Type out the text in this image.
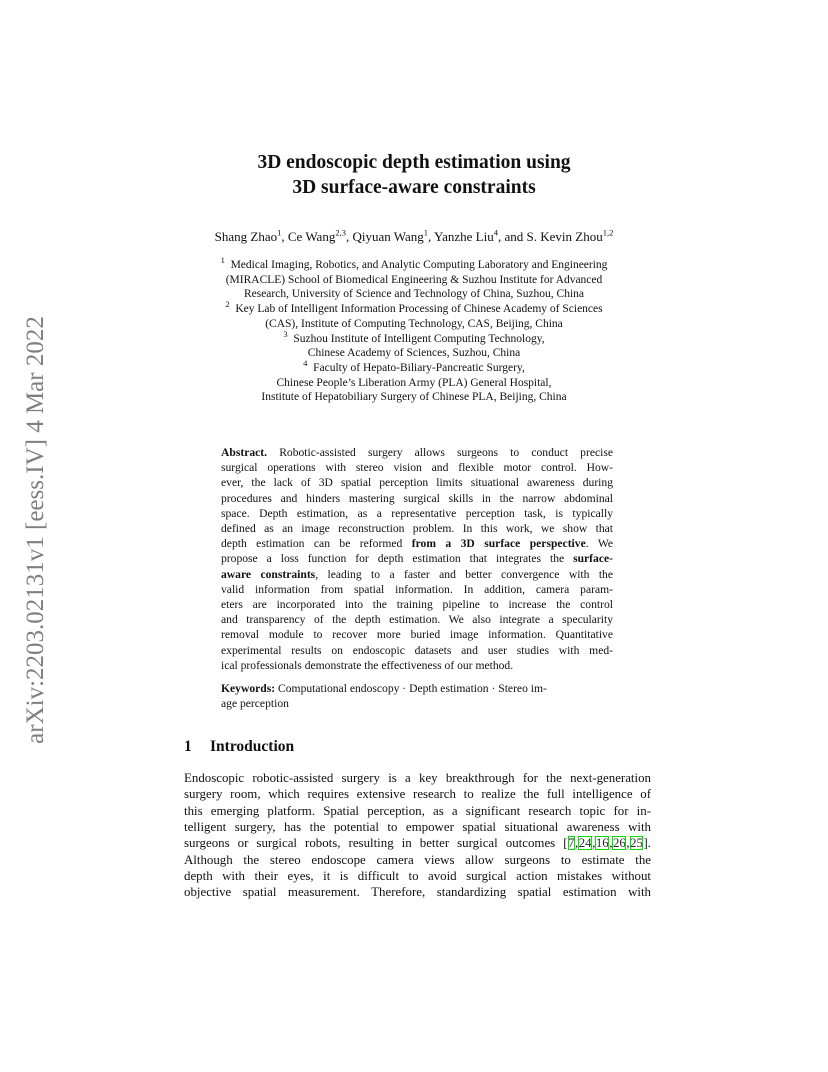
arXiv:2203.02131v1 [eess.IV] 4 Mar 2022
3D endoscopic depth estimation using
3D surface-aware constraints
Shang Zhao$^1$, Ce Wang$^{2,3}$, Qiyuan Wang$^1$, Yanzhe Liu$^4$, and S. Kevin Zhou$^{1,2}$
$^1$ Medical Imaging, Robotics, and Analytic Computing Laboratory and Engineering
(MIRACLE) School of Biomedical Engineering & Suzhou Institute for Advanced
Research, University of Science and Technology of China, Suzhou, China
$^2$ Key Lab of Intelligent Information Processing of Chinese Academy of Sciences
(CAS), Institute of Computing Technology, CAS, Beijing, China
$^3$ Suzhou Institute of Intelligent Computing Technology,
Chinese Academy of Sciences, Suzhou, China
$^4$ Faculty of Hepato-Biliary-Pancreatic Surgery,
Chinese People’s Liberation Army (PLA) General Hospital,
Institute of Hepatobiliary Surgery of Chinese PLA, Beijing, China
Abstract. Robotic-assisted surgery allows surgeons to conduct precise
surgical operations with stereo vision and flexible motor control. How-
ever, the lack of 3D spatial perception limits situational awareness during
procedures and hinders mastering surgical skills in the narrow abdominal
space. Depth estimation, as a representative perception task, is typically
defined as an image reconstruction problem. In this work, we show that
depth estimation can be reformed from a 3D surface perspective. We
propose a loss function for depth estimation that integrates the surface-
aware constraints, leading to a faster and better convergence with the
valid information from spatial information. In addition, camera param-
eters are incorporated into the training pipeline to increase the control
and transparency of the depth estimation. We also integrate a specularity
removal module to recover more buried image information. Quantitative
experimental results on endoscopic datasets and user studies with med-
ical professionals demonstrate the effectiveness of our method.
Keywords: Computational endoscopy · Depth estimation · Stereo im-
age perception
1 Introduction
Endoscopic robotic-assisted surgery is a key breakthrough for the next-generation
surgery room, which requires extensive research to realize the full intelligence of
this emerging platform. Spatial perception, as a significant research topic for in-
telligent surgery, has the potential to empower spatial situational awareness with
surgeons or surgical robots, resulting in better surgical outcomes [7,24,16,26,25].
Although the stereo endoscope camera views allow surgeons to estimate the
depth with their eyes, it is difficult to avoid surgical action mistakes without
objective spatial measurement. Therefore, standardizing spatial estimation with
